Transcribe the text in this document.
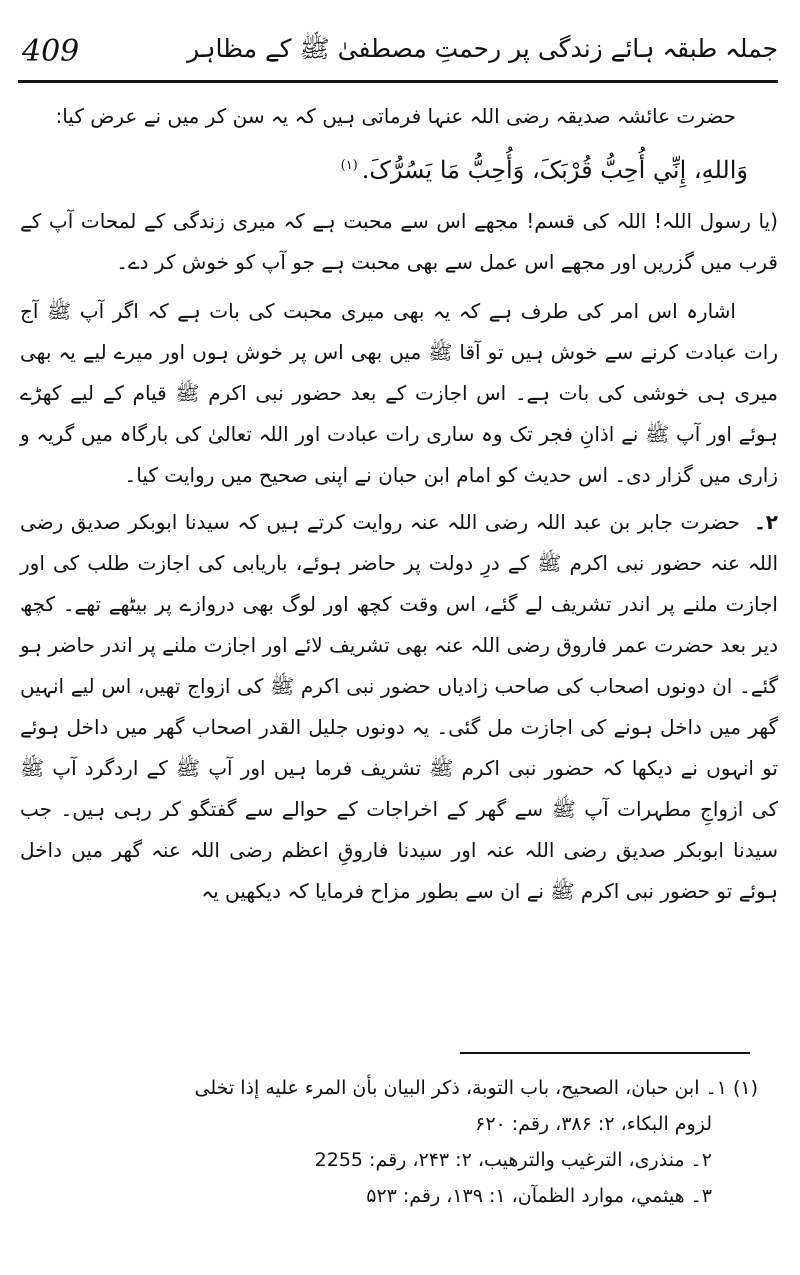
409	جملہ طبقہ ہائے زندگی پر رحمتِ مصطفیٰ ﷺ کے مظاہر

حضرت عائشہ صدیقہ رضی اللہ عنہا فرماتی ہیں کہ یہ سن کر میں نے عرض کیا:

وَاللهِ، إِنِّي أُحِبُّ قُرْبَکَ، وَأُحِبُّ مَا يَسُرُّکَ.$^{(۱)}$

(یا رسول اللہ! اللہ کی قسم! مجھے اس سے محبت ہے کہ میری زندگی کے لمحات آپ کے قرب میں گزریں اور مجھے اس عمل سے بھی محبت ہے جو آپ کو خوش کر دے۔

اشارہ اس امر کی طرف ہے کہ یہ بھی میری محبت کی بات ہے کہ اگر آپ ﷺ آج رات عبادت کرنے سے خوش ہیں تو آقا ﷺ میں بھی اس پر خوش ہوں اور میرے لیے یہ بھی میری ہی خوشی کی بات ہے۔ اس اجازت کے بعد حضور نبی اکرم ﷺ قیام کے لیے کھڑے ہوئے اور آپ ﷺ نے اذانِ فجر تک وہ ساری رات عبادت اور اللہ تعالیٰ کی بارگاہ میں گریہ و زاری میں گزار دی۔ اس حدیث کو امام ابن حبان نے اپنی صحیح میں روایت کیا۔

۲۔حضرت جابر بن عبد اللہ رضی اللہ عنہ روایت کرتے ہیں کہ سیدنا ابوبکر صدیق رضی اللہ عنہ حضور نبی اکرم ﷺ کے درِ دولت پر حاضر ہوئے، باریابی کی اجازت طلب کی اور اجازت ملنے پر اندر تشریف لے گئے، اس وقت کچھ اور لوگ بھی دروازے پر بیٹھے تھے۔ کچھ دیر بعد حضرت عمر فاروق رضی اللہ عنہ بھی تشریف لائے اور اجازت ملنے پر اندر حاضر ہو گئے۔ ان دونوں اصحاب کی صاحب زادیاں حضور نبی اکرم ﷺ کی ازواج تھیں، اس لیے انہیں گھر میں داخل ہونے کی اجازت مل گئی۔ یہ دونوں جلیل القدر اصحاب گھر میں داخل ہوئے تو انہوں نے دیکھا کہ حضور نبی اکرم ﷺ تشریف فرما ہیں اور آپ ﷺ کے اردگرد آپ ﷺ کی ازواجِ مطہرات آپ ﷺ سے گھر کے اخراجات کے حوالے سے گفتگو کر رہی ہیں۔ جب سیدنا ابوبکر صدیق رضی اللہ عنہ اور سیدنا فاروقِ اعظم رضی اللہ عنہ گھر میں داخل ہوئے تو حضور نبی اکرم ﷺ نے ان سے بطور مزاح فرمایا کہ دیکھیں یہ

(۱) ۱۔ ابن حبان، الصحيح، باب التوبة، ذكر البيان بأن المرء عليه إذا تخلى

لزوم البكاء، ۲: ۳۸۶، رقم: ۶۲۰

۲۔ منذری، الترغيب والترهيب، ۲: ۲۴۳، رقم: 2255

۳۔ هيثمي، موارد الظمآن، ۱: ۱۳۹، رقم: ۵۲۳
